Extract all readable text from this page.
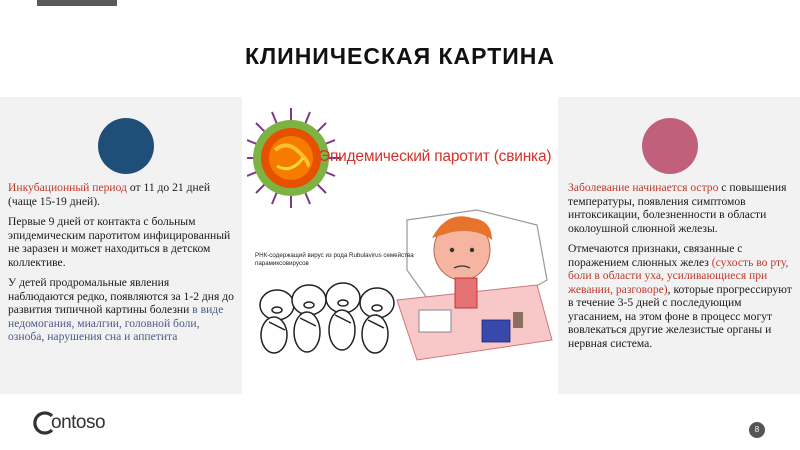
КЛИНИЧЕСКАЯ КАРТИНА

Инкубационный период от 11 до 21 дней (чаще 15-19 дней).

Первые 9 дней от контакта с больным эпидемическим паротитом инфицированный не заразен и может находиться в детском коллективе.

У детей продромальные явления наблюдаются редко, появляются за 1-2 дня до развития типичной картины болезни в виде недомогания, миалгии, головной боли, озноба, нарушения сна и аппетита

Эпидемический паротит (свинка)
РНК-содержащий вирус из рода Rubulavirus семейства парамиксовирусов

Заболевание начинается остро с повышения температуры, появления симптомов интоксикации, болезненности в области околоушной слюнной железы.

Отмечаются признаки, связанные с поражением слюнных желез (сухость во рту, боли в области уха, усиливающиеся при жевании, разговоре), которые прогрессируют в течение 3-5 дней с последующим угасанием, на этом фоне в процесс могут вовлекаться другие железистые органы и нервная система.

ontoso	8
